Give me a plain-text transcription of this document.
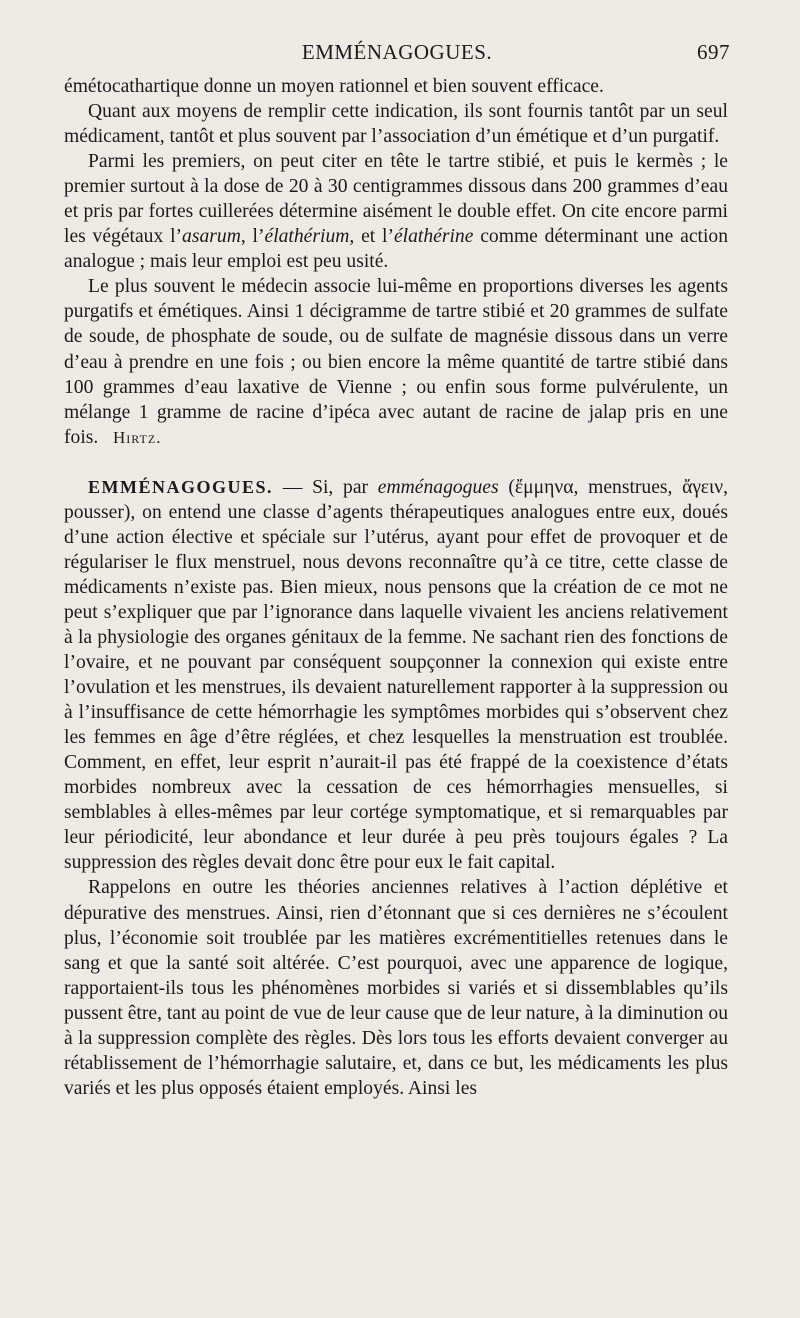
EMMÉNAGOGUES.	697

émétocathartique donne un moyen rationnel et bien souvent efficace.

Quant aux moyens de remplir cette indication, ils sont fournis tantôt par un seul médicament, tantôt et plus souvent par l’association d’un émétique et d’un purgatif.

Parmi les premiers, on peut citer en tête le tartre stibié, et puis le kermès ; le premier surtout à la dose de 20 à 30 centigrammes dissous dans 200 grammes d’eau et pris par fortes cuillerées détermine aisément le double effet. On cite encore parmi les végétaux l’asarum, l’élathérium, et l’élathérine comme déterminant une action analogue ; mais leur emploi est peu usité.

Le plus souvent le médecin associe lui-même en proportions diverses les agents purgatifs et émétiques. Ainsi 1 décigramme de tartre stibié et 20 grammes de sulfate de soude, de phosphate de soude, ou de sulfate de magnésie dissous dans un verre d’eau à prendre en une fois ; ou bien encore la même quantité de tartre stibié dans 100 grammes d’eau laxative de Vienne ; ou enfin sous forme pulvérulente, un mélange 1 gramme de racine d’ipéca avec autant de racine de jalap pris en une fois. Hirtz.

EMMÉNAGOGUES. — Si, par emménagogues (ἔμμηνα, menstrues, ἄγειν, pousser), on entend une classe d’agents thérapeutiques analogues entre eux, doués d’une action élective et spéciale sur l’utérus, ayant pour effet de provoquer et de régulariser le flux menstruel, nous devons reconnaître qu’à ce titre, cette classe de médicaments n’existe pas. Bien mieux, nous pensons que la création de ce mot ne peut s’expliquer que par l’ignorance dans laquelle vivaient les anciens relativement à la physiologie des organes génitaux de la femme. Ne sachant rien des fonctions de l’ovaire, et ne pouvant par conséquent soupçonner la connexion qui existe entre l’ovulation et les menstrues, ils devaient naturellement rapporter à la suppression ou à l’insuffisance de cette hémorrhagie les symptômes morbides qui s’observent chez les femmes en âge d’être réglées, et chez lesquelles la menstruation est troublée. Comment, en effet, leur esprit n’aurait-il pas été frappé de la coexistence d’états morbides nombreux avec la cessation de ces hémorrhagies mensuelles, si semblables à elles-mêmes par leur cortége symptomatique, et si remarquables par leur périodicité, leur abondance et leur durée à peu près toujours égales ? La suppression des règles devait donc être pour eux le fait capital.

Rappelons en outre les théories anciennes relatives à l’action déplétive et dépurative des menstrues. Ainsi, rien d’étonnant que si ces dernières ne s’écoulent plus, l’économie soit troublée par les matières excrémentitielles retenues dans le sang et que la santé soit altérée. C’est pourquoi, avec une apparence de logique, rapportaient-ils tous les phénomènes morbides si variés et si dissemblables qu’ils pussent être, tant au point de vue de leur cause que de leur nature, à la diminution ou à la suppression complète des règles. Dès lors tous les efforts devaient converger au rétablissement de l’hémorrhagie salutaire, et, dans ce but, les médicaments les plus variés et les plus opposés étaient employés. Ainsi les
